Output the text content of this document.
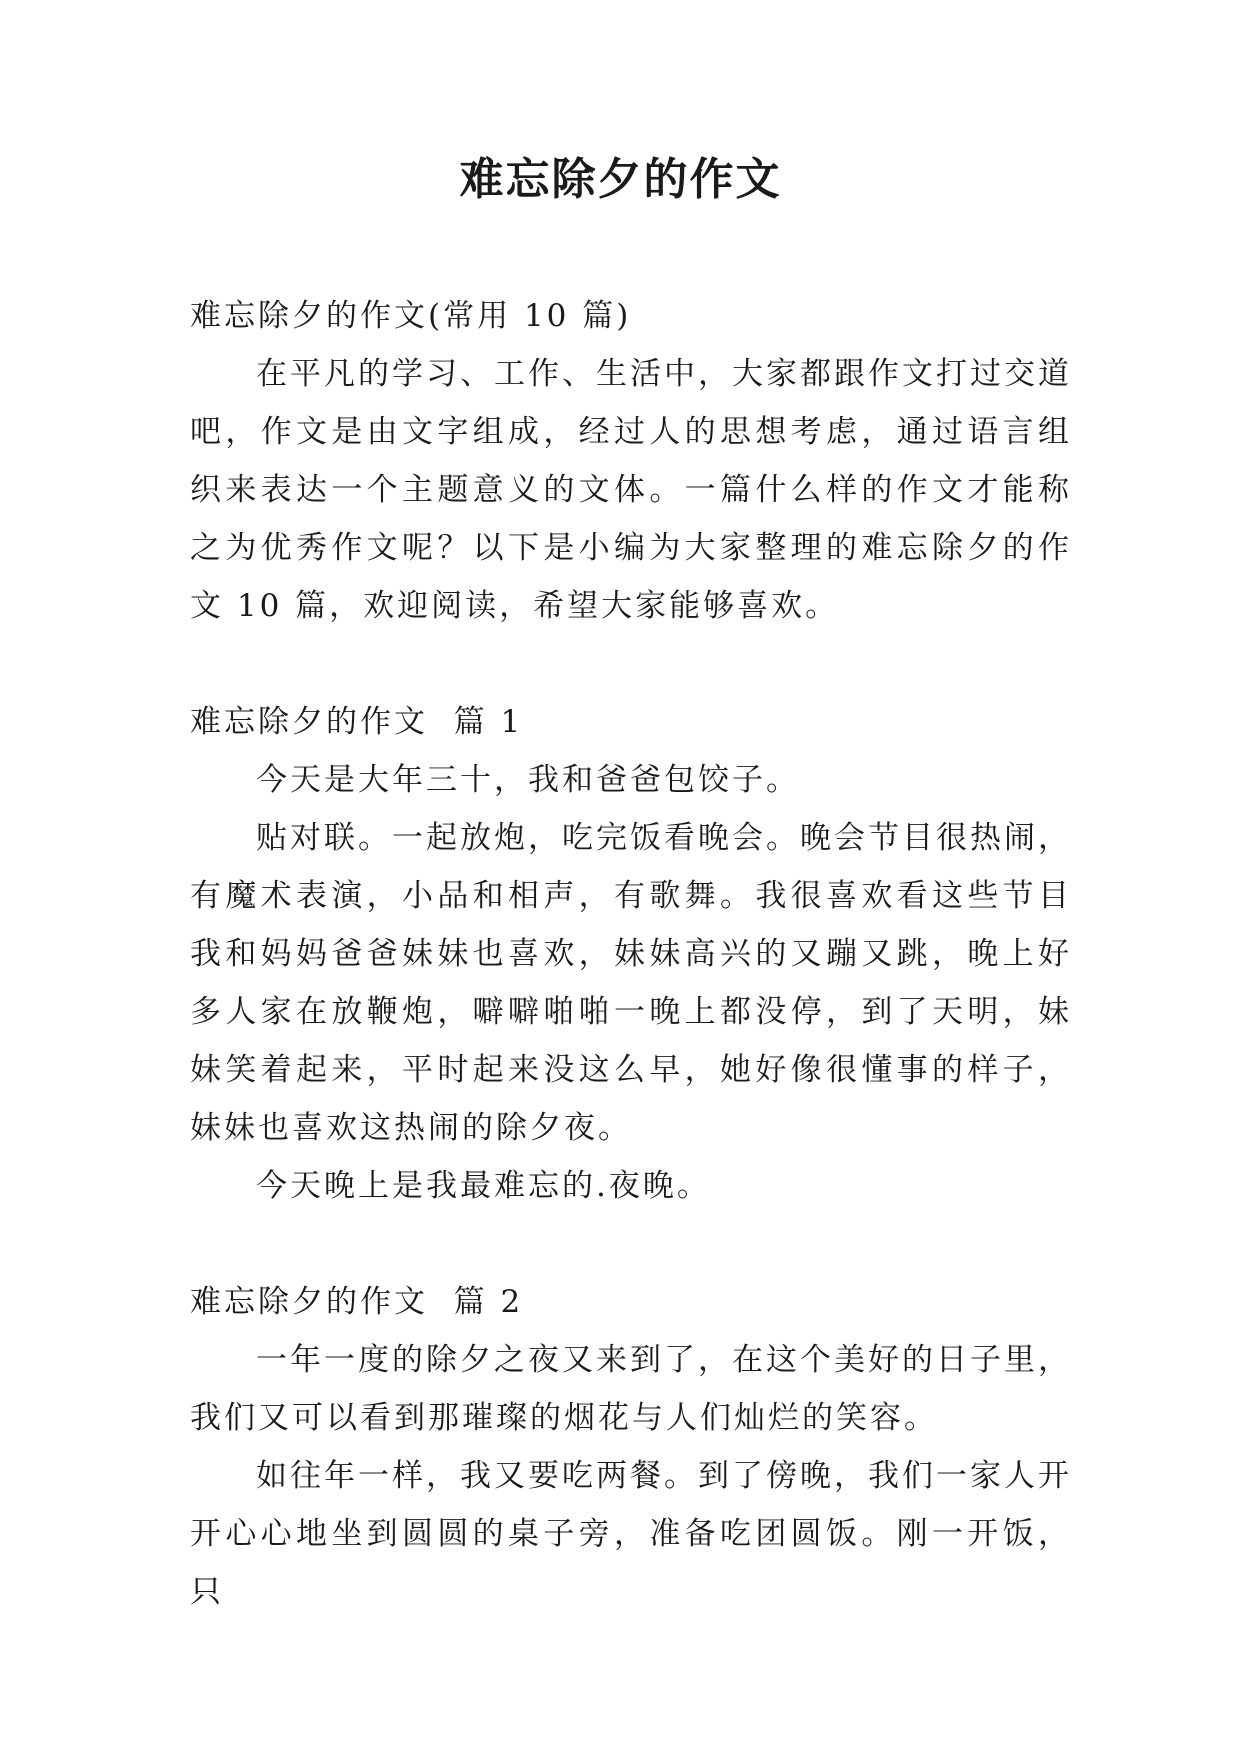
难忘除夕的作文

难忘除夕的作文(常用 10 篇)

在平凡的学习、工作、生活中，大家都跟作文打过交道吧，作文是由文字组成，经过人的思想考虑，通过语言组织来表达一个主题意义的文体。一篇什么样的作文才能称之为优秀作文呢？以下是小编为大家整理的难忘除夕的作文 10 篇，欢迎阅读，希望大家能够喜欢。

难忘除夕的作文  篇 1

今天是大年三十，我和爸爸包饺子。

贴对联。一起放炮，吃完饭看晚会。晚会节目很热闹，有魔术表演，小品和相声，有歌舞。我很喜欢看这些节目我和妈妈爸爸妹妹也喜欢，妹妹高兴的又蹦又跳，晚上好 多人家在放鞭炮，噼噼啪啪一晚上都没停，到了天明，妹妹笑着起来，平时起来没这么早，她好像很懂事的样子，妹妹也喜欢这热闹的除夕夜。

今天晚上是我最难忘的.夜晚。

难忘除夕的作文  篇 2

一年一度的除夕之夜又来到了，在这个美好的日子里，我们又可以看到那璀璨的烟花与人们灿烂的笑容。

如往年一样，我又要吃两餐。到了傍晚，我们一家人开开心心地坐到圆圆的桌子旁，准备吃团圆饭。刚一开饭，只
